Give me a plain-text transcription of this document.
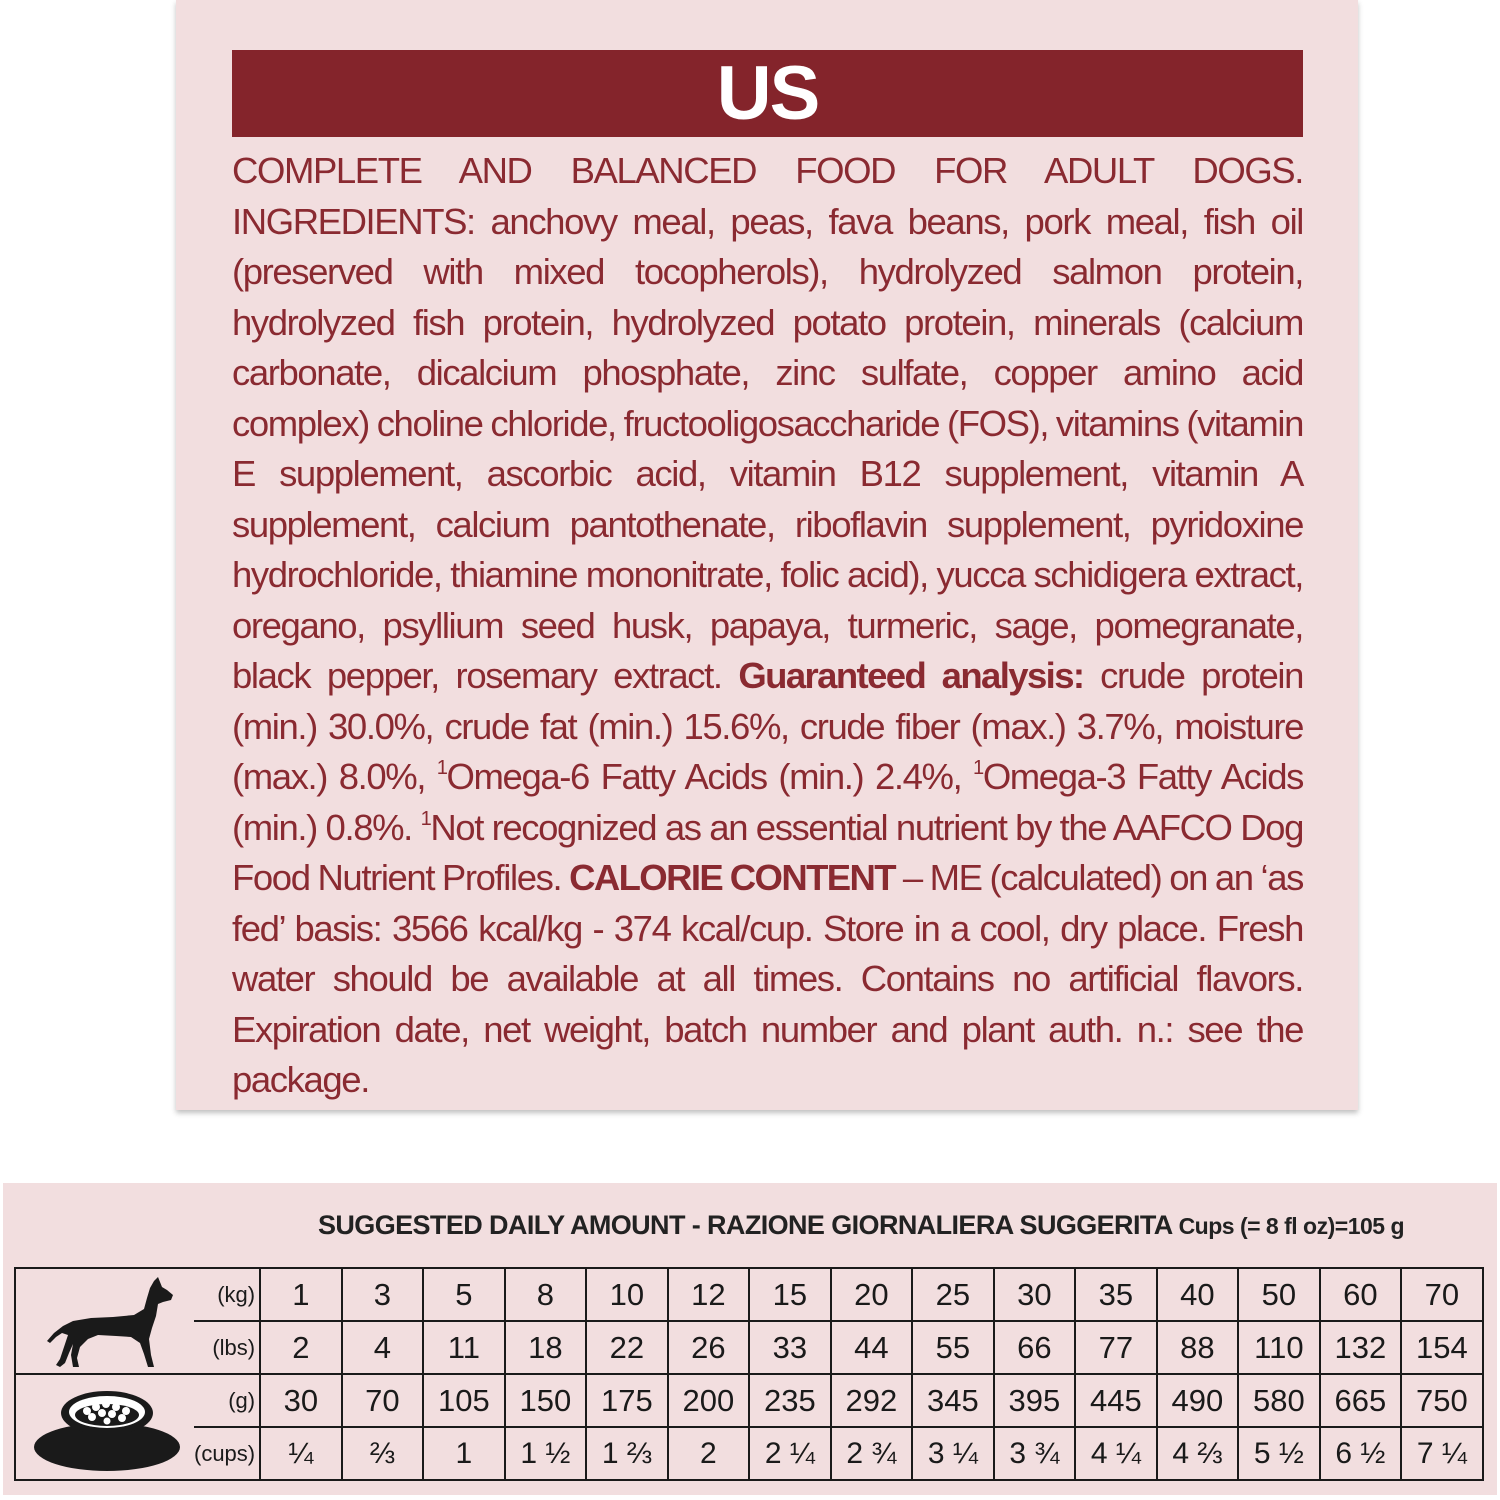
US
COMPLETE AND BALANCED FOOD FOR ADULT DOGS. INGREDIENTS: anchovy meal, peas, fava beans, pork meal, fish oil (preserved with mixed tocopherols), hydrolyzed salmon protein, hydrolyzed fish protein, hydrolyzed potato protein, minerals (calcium carbonate, dicalcium phosphate, zinc sulfate, copper amino acid complex) choline chloride, fructooligosaccharide (FOS), vitamins (vitamin E supplement, ascorbic acid, vitamin B12 supplement, vitamin A supplement, calcium pantothenate, riboflavin supplement, pyridoxine hydrochloride, thiamine mononitrate, folic acid), yucca schidigera extract, oregano, psyllium seed husk, papaya, turmeric, sage, pomegranate, black pepper, rosemary extract. Guaranteed analysis: crude protein (min.) 30.0%, crude fat (min.) 15.6%, crude fiber (max.) 3.7%, moisture (max.) 8.0%, $^1$Omega-6 Fatty Acids (min.) 2.4%, $^1$Omega-3 Fatty Acids (min.) 0.8%. $^1$Not recognized as an essential nutrient by the AAFCO Dog Food Nutrient Profiles. CALORIE CONTENT – ME (calculated) on an ‘as fed’ basis: 3566 kcal/kg - 374 kcal/cup. Store in a cool, dry place. Fresh water should be available at all times. Contains no artificial flavors. Expiration date, net weight, batch number and plant auth. n.: see the package.
SUGGESTED DAILY AMOUNT - RAZIONE GIORNALIERA SUGGERITA Cups (= 8 fl oz)=105 g
	(kg)	1	3	5	8	10	12	15	20	25	30	35	40	50	60	70
	(lbs)	2	4	11	18	22	26	33	44	55	66	77	88	110	132	154

	(g)	30	70	105	150	175	200	235	292	345	395	445	490	580	665	750
	(cups)	¼	⅔	1	1 ½	1 ⅔	2	2 ¼	2 ¾	3 ¼	3 ¾	4 ¼	4 ⅔	5 ½	6 ½	7 ¼
